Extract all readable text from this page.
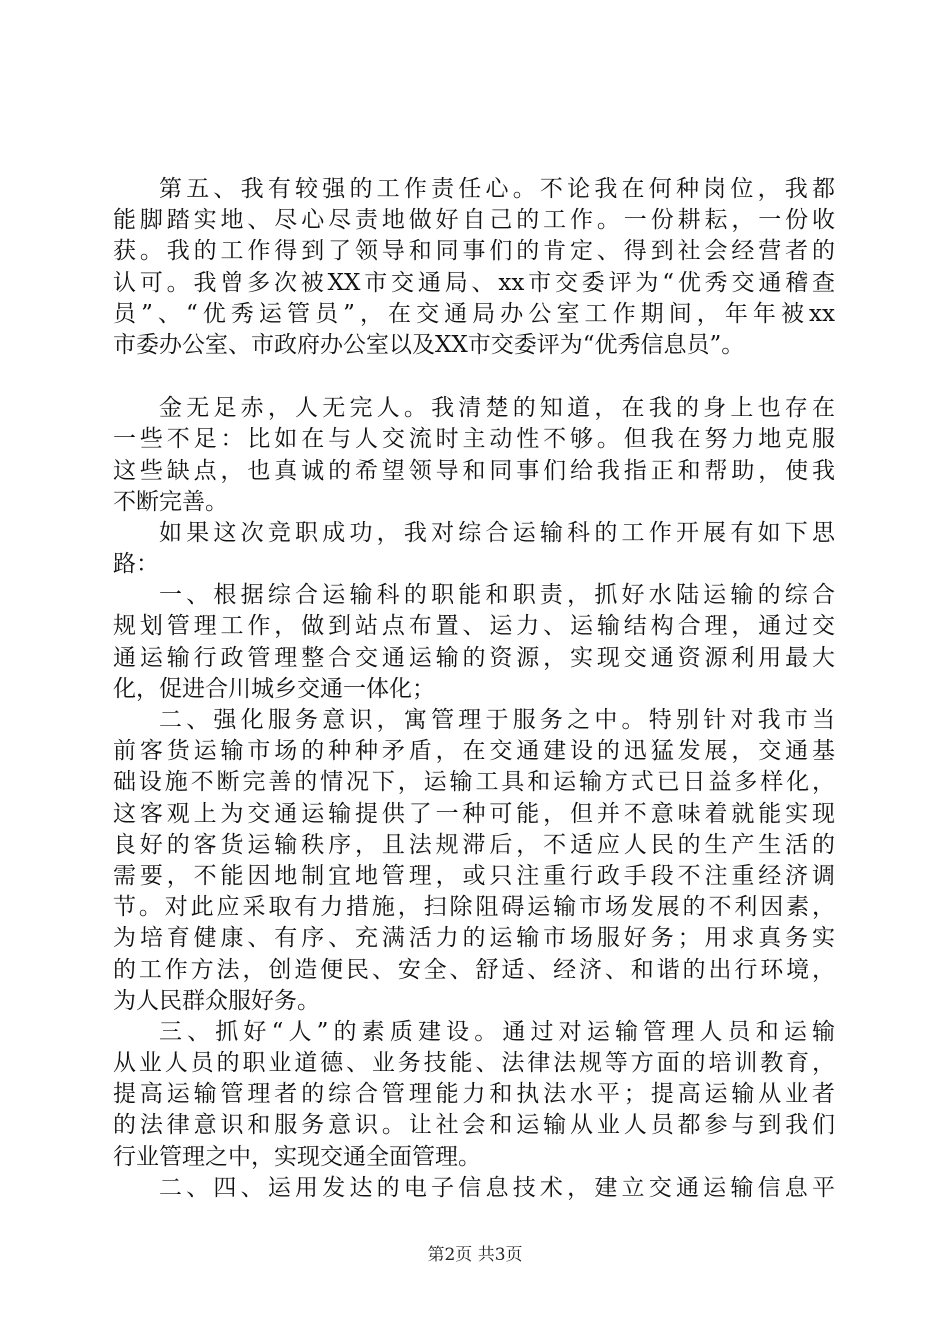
第五、我有较强的工作责任心。不论我在何种岗位，我都
能脚踏实地、尽心尽责地做好自己的工作。一份耕耘，一份收
获。我的工作得到了领导和同事们的肯定、得到社会经营者的
认可。我曾多次被XX市交通局、xx市交委评为“优秀交通稽查
员”、“优秀运管员”，在交通局办公室工作期间，年年被xx
市委办公室、市政府办公室以及XX市交委评为“优秀信息员”。
金无足赤，人无完人。我清楚的知道，在我的身上也存在
一些不足：比如在与人交流时主动性不够。但我在努力地克服
这些缺点，也真诚的希望领导和同事们给我指正和帮助，使我
不断完善。
如果这次竞职成功，我对综合运输科的工作开展有如下思
路：
一、根据综合运输科的职能和职责，抓好水陆运输的综合
规划管理工作，做到站点布置、运力、运输结构合理，通过交
通运输行政管理整合交通运输的资源，实现交通资源利用最大
化，促进合川城乡交通一体化；
二、强化服务意识，寓管理于服务之中。特别针对我市当
前客货运输市场的种种矛盾，在交通建设的迅猛发展，交通基
础设施不断完善的情况下，运输工具和运输方式已日益多样化，
这客观上为交通运输提供了一种可能，但并不意味着就能实现
良好的客货运输秩序，且法规滞后，不适应人民的生产生活的
需要，不能因地制宜地管理，或只注重行政手段不注重经济调
节。对此应采取有力措施，扫除阻碍运输市场发展的不利因素，
为培育健康、有序、充满活力的运输市场服好务；用求真务实
的工作方法，创造便民、安全、舒适、经济、和谐的出行环境，
为人民群众服好务。
三、抓好“人”的素质建设。通过对运输管理人员和运输
从业人员的职业道德、业务技能、法律法规等方面的培训教育，
提高运输管理者的综合管理能力和执法水平；提高运输从业者
的法律意识和服务意识。让社会和运输从业人员都参与到我们
行业管理之中，实现交通全面管理。
二、四、运用发达的电子信息技术，建立交通运输信息平
第2页 共3页
